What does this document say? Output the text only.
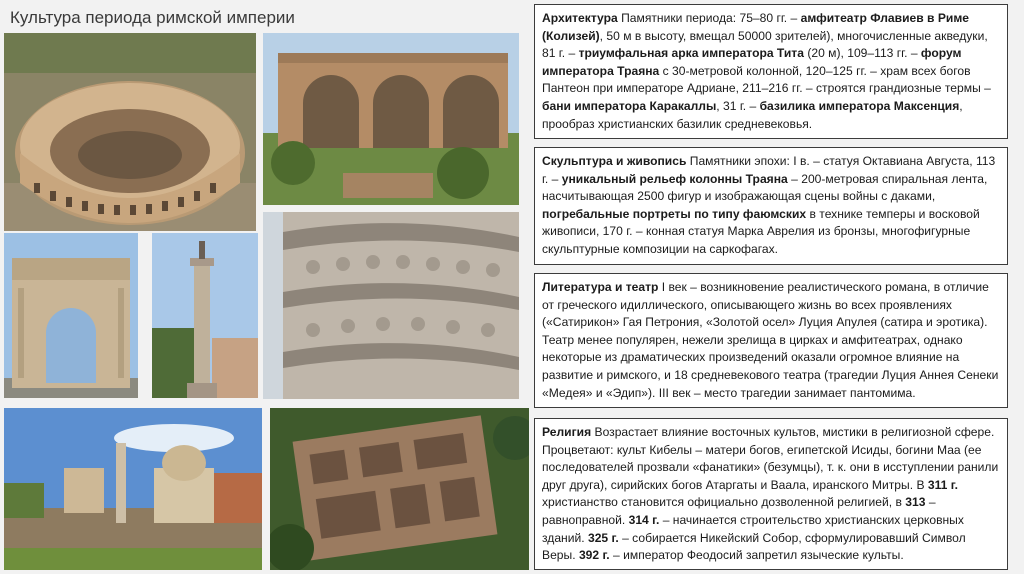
Культура периода римской империи	Архитектура Памятники периода: 75–80 гг. – амфитеатр Флавиев в Риме (Колизей), 50 м в высоту, вмещал 50000 зрителей), многочисленные акведуки, 81 г. – триумфальная арка императора Тита (20 м), 109–113 гг. – форум императора Траяна с 30-метровой колонной, 120–125 гг. – храм всех богов Пантеон при императоре Адриане, 211–216 гг. – строятся грандиозные термы – бани императора Каракаллы, 31 г. – базилика императора Максенция, прообраз христианских базилик средневековья.
Скульптура и живопись Памятники эпохи: I в. – статуя Октавиана Августа, 113 г. – уникальный рельеф колонны Траяна – 200-метровая спиральная лента, насчитывающая 2500 фигур и изображающая сцены войны с даками, погребальные портреты по типу фаюмских в технике темперы и восковой живописи, 170 г. – конная статуя Марка Аврелия из бронзы, многофигурные скульптурные композиции на саркофагах.
Литература и театр I век – возникновение реалистического романа, в отличие от греческого идиллического, описывающего жизнь во всех проявлениях («Сатирикон» Гая Петрония, «Золотой осел» Луция Апулея (сатира и эротика). Театр менее популярен, нежели зрелища в цирках и амфитеатрах, однако некоторые из драматических произведений оказали огромное влияние на развитие и римского, и 18 средневекового театра (трагедии Луция Аннея Сенеки «Медея» и «Эдип»). III век – место трагедии занимает пантомима.
Религия Возрастает влияние восточных культов, мистики в религиозной сфере. Процветают: культ Кибелы – матери богов, египетской Исиды, богини Маа (ее последователей прозвали «фанатики» (безумцы), т. к. они в исступлении ранили друг друга), сирийских богов Атаргаты и Ваала, иранского Митры. В 311 г. христианство становится официально дозволенной религией, в 313 – равноправной. 314 г. – начинается строительство христианских церковных зданий. 325 г. – собирается Никейский Собор, сформулировавший Символ Веры. 392 г. – император Феодосий запретил языческие культы.
